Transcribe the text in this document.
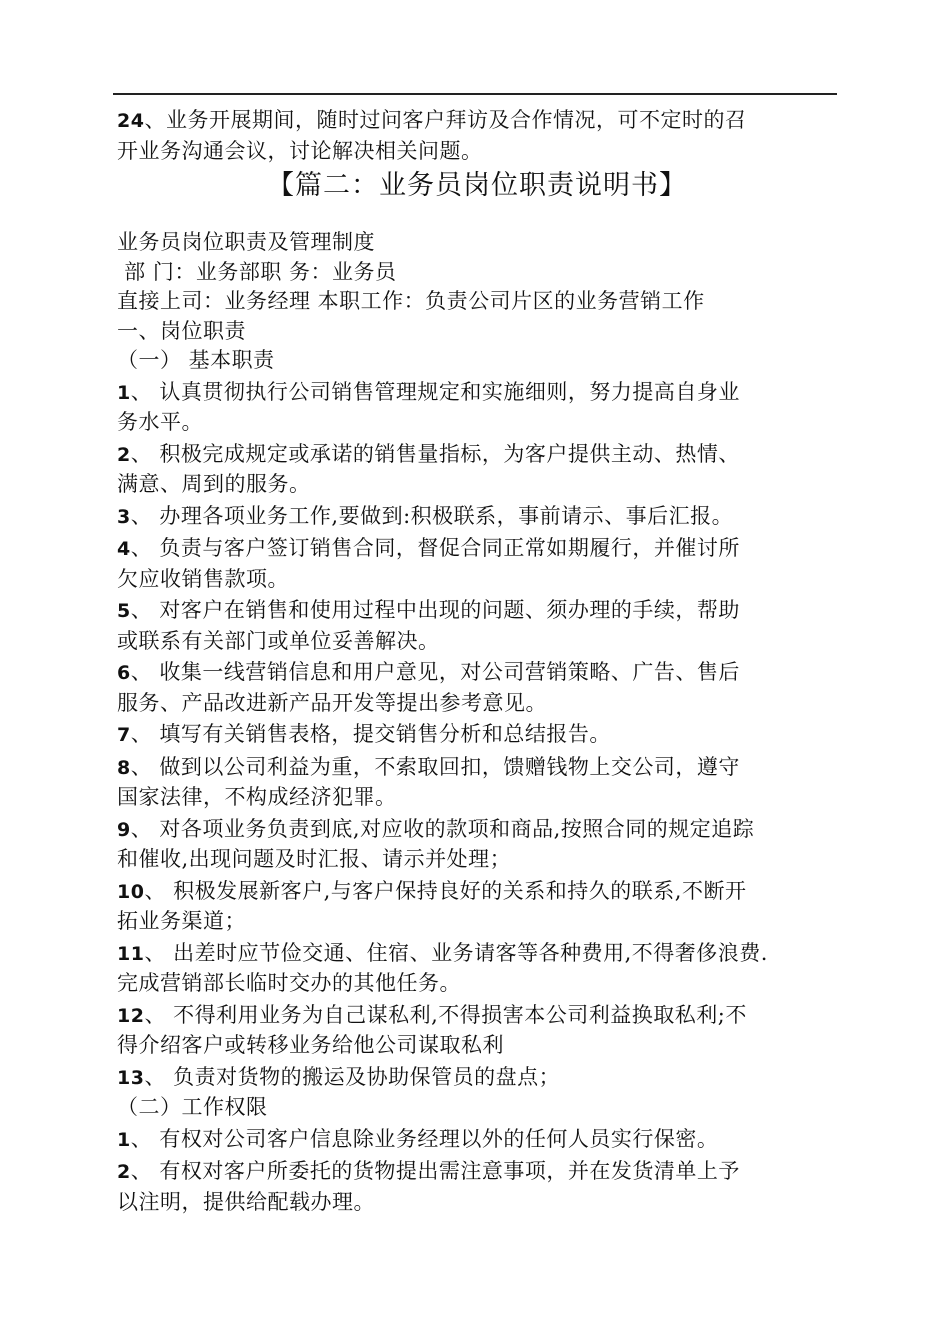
24、业务开展期间，随时过问客户拜访及合作情况，可不定时的召
开业务沟通会议，讨论解决相关问题。
【篇二：业务员岗位职责说明书】
业务员岗位职责及管理制度
部 门：业务部职 务：业务员
直接上司：业务经理 本职工作：负责公司片区的业务营销工作
一、岗位职责
（一） 基本职责
1、 认真贯彻执行公司销售管理规定和实施细则，努力提高自身业
务水平。
2、 积极完成规定或承诺的销售量指标，为客户提供主动、热情、
满意、周到的服务。
3、 办理各项业务工作,要做到:积极联系，事前请示、事后汇报。
4、 负责与客户签订销售合同，督促合同正常如期履行，并催讨所
欠应收销售款项。
5、 对客户在销售和使用过程中出现的问题、须办理的手续，帮助
或联系有关部门或单位妥善解决。
6、 收集一线营销信息和用户意见，对公司营销策略、广告、售后
服务、产品改进新产品开发等提出参考意见。
7、 填写有关销售表格，提交销售分析和总结报告。
8、 做到以公司利益为重，不索取回扣，馈赠钱物上交公司，遵守
国家法律，不构成经济犯罪。
9、 对各项业务负责到底,对应收的款项和商品,按照合同的规定追踪
和催收,出现问题及时汇报、请示并处理；
10、 积极发展新客户,与客户保持良好的关系和持久的联系,不断开
拓业务渠道；
11、 出差时应节俭交通、住宿、业务请客等各种费用,不得奢侈浪费.
完成营销部长临时交办的其他任务。
12、 不得利用业务为自己谋私利,不得损害本公司利益换取私利;不
得介绍客户或转移业务给他公司谋取私利
13、 负责对货物的搬运及协助保管员的盘点；
（二）工作权限
1、 有权对公司客户信息除业务经理以外的任何人员实行保密。
2、 有权对客户所委托的货物提出需注意事项，并在发货清单上予
以注明，提供给配载办理。
